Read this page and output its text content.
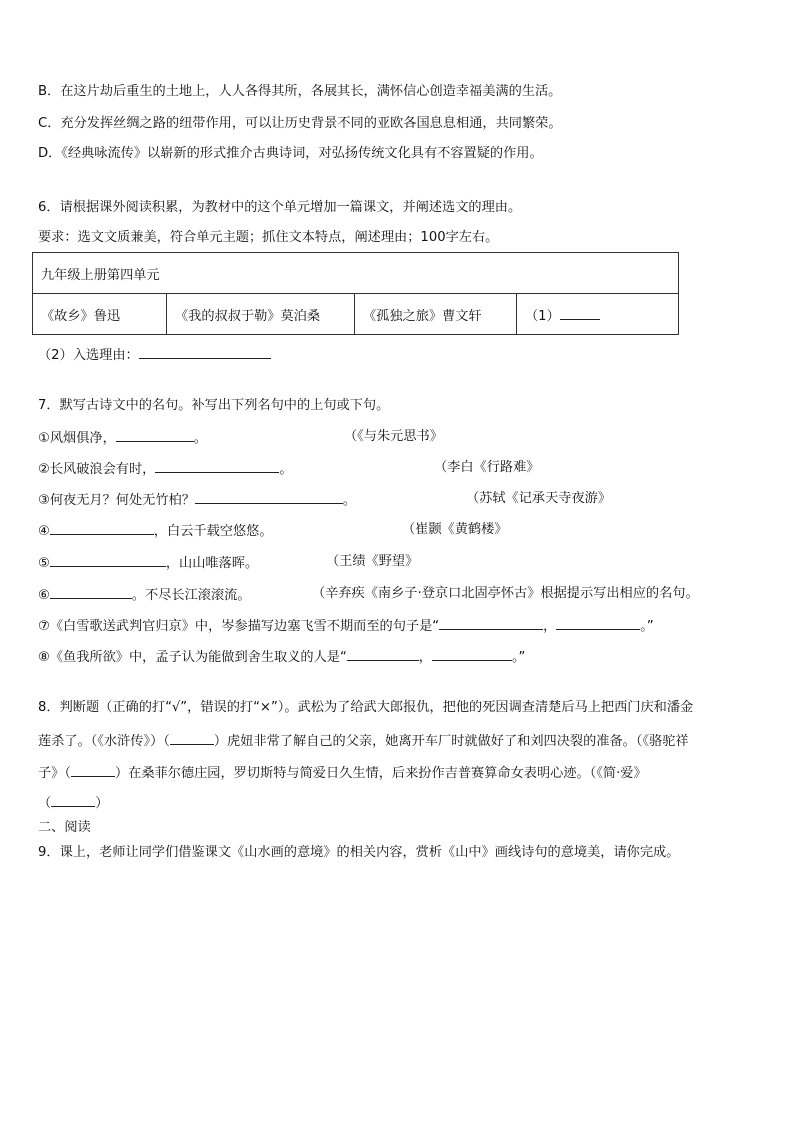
B．在这片劫后重生的土地上，人人各得其所，各展其长，满怀信心创造幸福美满的生活。
C．充分发挥丝绸之路的纽带作用，可以让历史背景不同的亚欧各国息息相通，共同繁荣。
D．《经典咏流传》以崭新的形式推介古典诗词，对弘扬传统文化具有不容置疑的作用。
6．请根据课外阅读积累，为教材中的这个单元增加一篇课文，并阐述选文的理由。
要求：选文文质兼美，符合单元主题；抓住文本特点，阐述理由；100字左右。
九年级上册第四单元
《故乡》鲁迅	《我的叔叔于勒》莫泊桑	《孤独之旅》曹文轩	（1）
（2）入选理由：
7．默写古诗文中的名句。补写出下列名句中的上句或下句。
①风烟俱净，	。	（《与朱元思书》
②长风破浪会有时，	。	（李白《行路难》
③何夜无月？何处无竹柏？	。	（苏轼《记承天寺夜游》
④	，白云千载空悠悠。	（崔颢《黄鹤楼》
⑤	，山山唯落晖。	（王绩《野望》
⑥	。不尽长江滚滚流。	（辛弃疾《南乡子·登京口北固亭怀古》根据提示写出相应的名句。
⑦《白雪歌送武判官归京》中，岑参描写边塞飞雪不期而至的句子是“	，	。”
⑧《鱼我所欲》中，孟子认为能做到舍生取义的人是“	，	。”
8．判断题（正确的打“√”，错误的打“×”）。武松为了给武大郎报仇，把他的死因调查清楚后马上把西门庆和潘金
莲杀了。（《水浒传》）（	）虎妞非常了解自己的父亲，她离开车厂时就做好了和刘四决裂的准备。（《骆驼祥
子》（	）在桑菲尔德庄园，罗切斯特与简爱日久生情，后来扮作吉普赛算命女表明心迹。（《简·爱》
（	）
二、阅读
9．课上，老师让同学们借鉴课文《山水画的意境》的相关内容，赏析《山中》画线诗句的意境美，请你完成。
